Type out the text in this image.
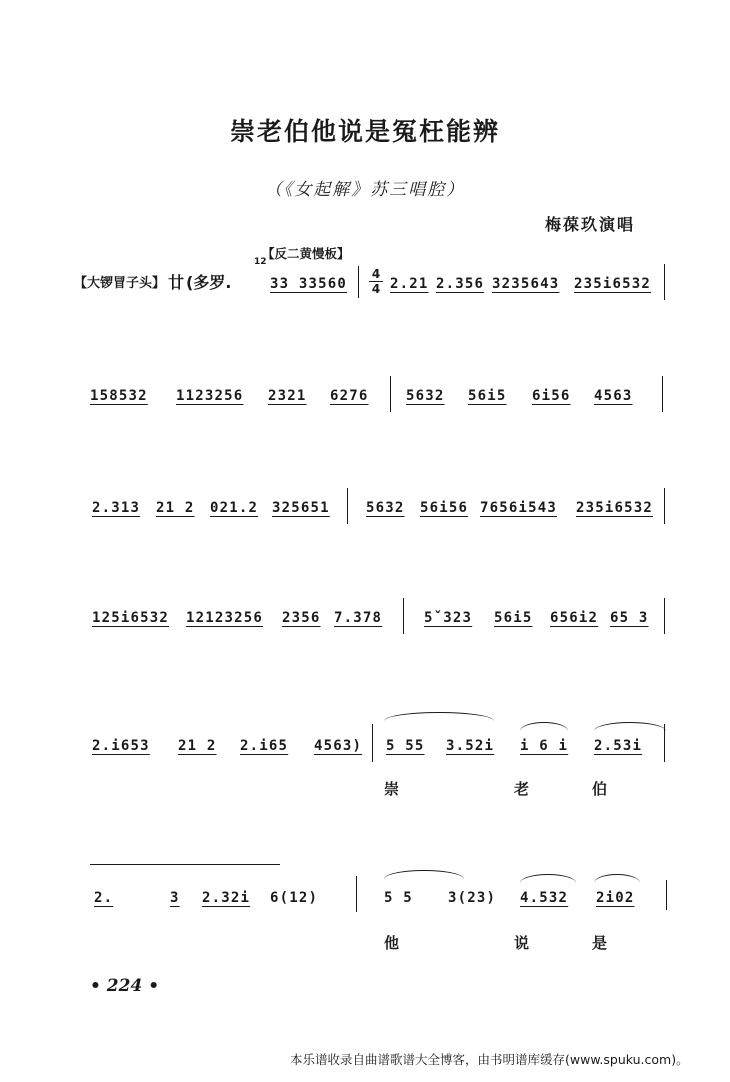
崇老伯他说是冤枉能辨
（《女起解》苏三唱腔）
梅葆玖演唱
【反二黄慢板】
【大锣冒子头】 廿 (多罗.
12
33 33560
4
4 2.21 2.356 3235643 235i6532
158532 1123256 2321 6276	5632 56i5 6i56 4563
2.313 21 2 021.2 325651	5632 56i56 7656i543 235i6532
125i6532 12123256 2356 7.378	5ˇ323 56i5 656i2 65 3
2.i653 21 2 2.i65 4563) 5 55 3.52i i 6 i 2.53i
崇	老	伯
2.	3 2.32i 6(12)	5 5	3(23) 4.532 2i02
他	说	是
• 224 •
本乐谱收录自曲谱歌谱大全博客，由书明谱库缓存(www.spuku.com)。
